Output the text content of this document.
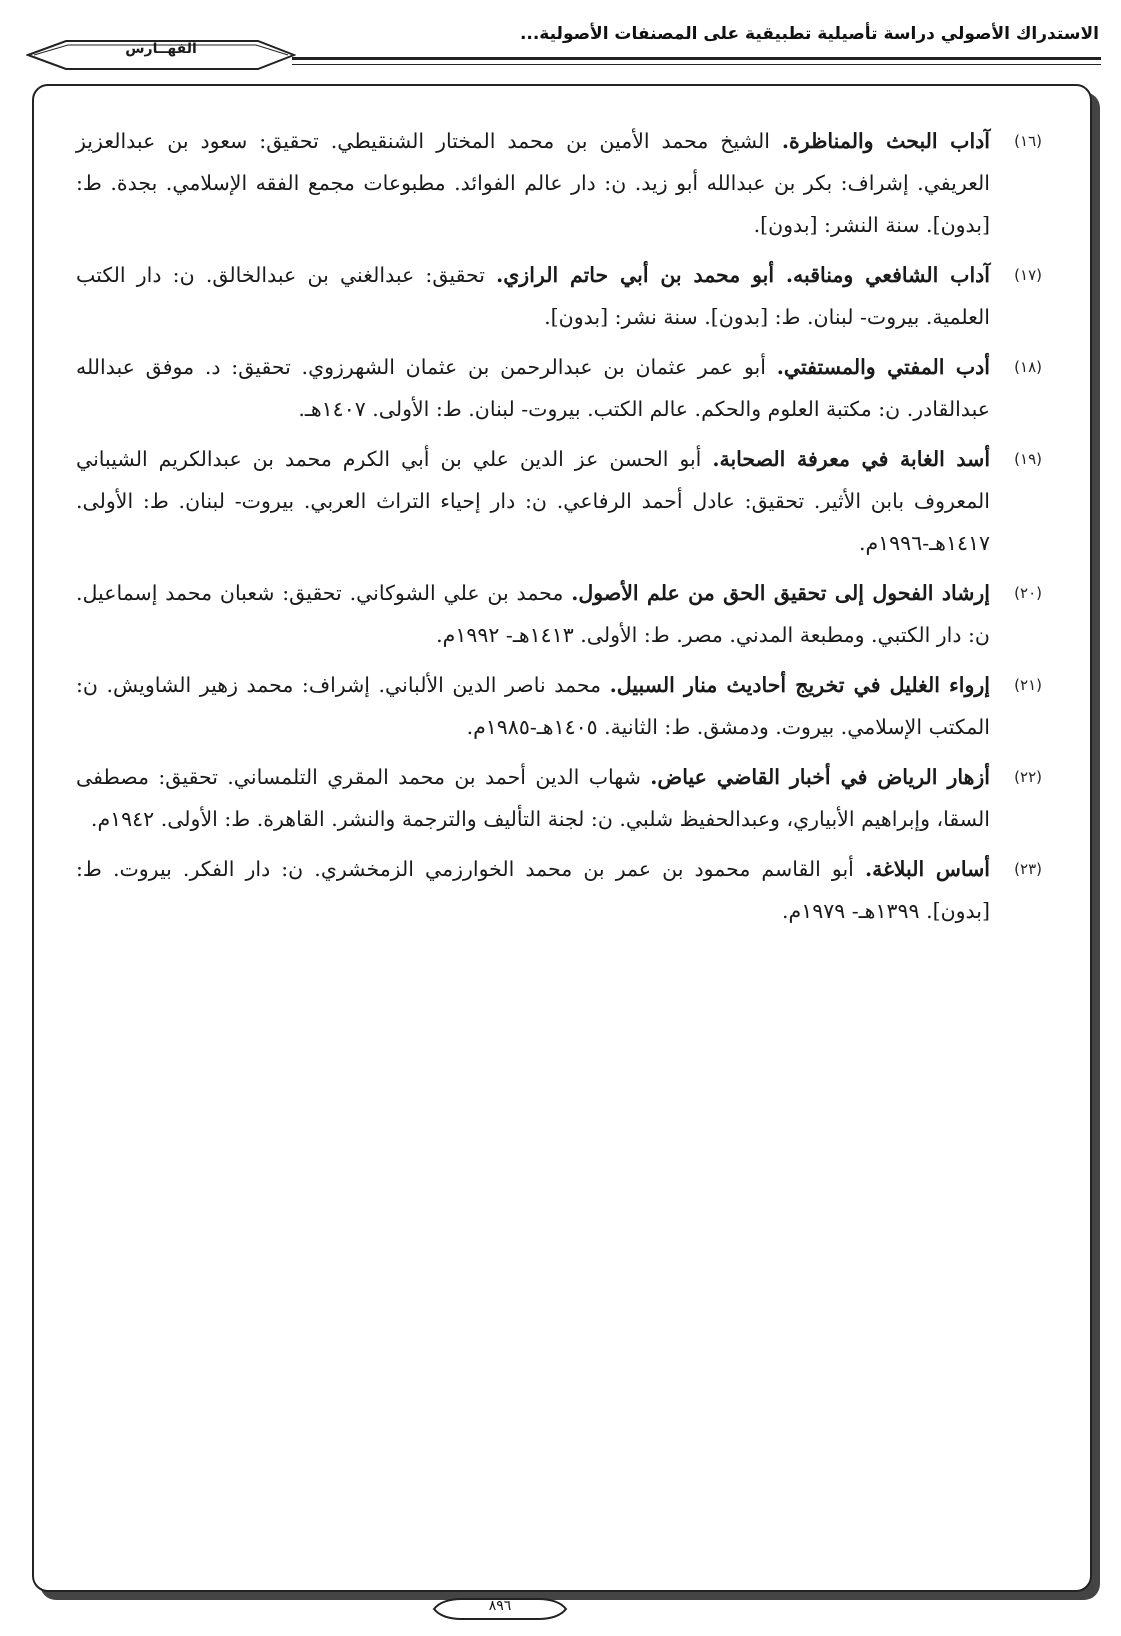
الاستدراك الأصولي دراسة تأصيلية تطبيقية على المصنفات الأصولية...
الفهــارس
(١٦)
آداب البحث والمناظرة. الشيخ محمد الأمين بن محمد المختار الشنقيطي. تحقيق: سعود بن عبدالعزيز العريفي. إشراف: بكر بن عبدالله أبو زيد. ن: دار عالم الفوائد. مطبوعات مجمع الفقه الإسلامي. بجدة. ط: [بدون]. سنة النشر: [بدون].
(١٧)
آداب الشافعي ومناقبه. أبو محمد بن أبي حاتم الرازي. تحقيق: عبدالغني بن عبدالخالق. ن: دار الكتب العلمية. بيروت- لبنان. ط: [بدون]. سنة نشر: [بدون].
(١٨)
أدب المفتي والمستفتي. أبو عمر عثمان بن عبدالرحمن بن عثمان الشهرزوي. تحقيق: د. موفق عبدالله عبدالقادر. ن: مكتبة العلوم والحكم. عالم الكتب. بيروت- لبنان. ط: الأولى. ١٤٠٧هـ.
(١٩)
أسد الغابة في معرفة الصحابة. أبو الحسن عز الدين علي بن أبي الكرم محمد بن عبدالكريم الشيباني المعروف بابن الأثير. تحقيق: عادل أحمد الرفاعي. ن: دار إحياء التراث العربي. بيروت- لبنان. ط: الأولى. ١٤١٧هـ-١٩٩٦م.
(٢٠)
إرشاد الفحول إلى تحقيق الحق من علم الأصول. محمد بن علي الشوكاني. تحقيق: شعبان محمد إسماعيل. ن: دار الكتبي. ومطبعة المدني. مصر. ط: الأولى. ١٤١٣هـ- ١٩٩٢م.
(٢١)
إرواء الغليل في تخريج أحاديث منار السبيل. محمد ناصر الدين الألباني. إشراف: محمد زهير الشاويش. ن: المكتب الإسلامي. بيروت. ودمشق. ط: الثانية. ١٤٠٥هـ-١٩٨٥م.
(٢٢)
أزهار الرياض في أخبار القاضي عياض. شهاب الدين أحمد بن محمد المقري التلمساني. تحقيق: مصطفى السقا، وإبراهيم الأبياري، وعبدالحفيظ شلبي. ن: لجنة التأليف والترجمة والنشر. القاهرة. ط: الأولى. ١٩٤٢م.
(٢٣)
أساس البلاغة. أبو القاسم محمود بن عمر بن محمد الخوارزمي الزمخشري. ن: دار الفكر. بيروت. ط: [بدون]. ١٣٩٩هـ- ١٩٧٩م.
٨٩٦
